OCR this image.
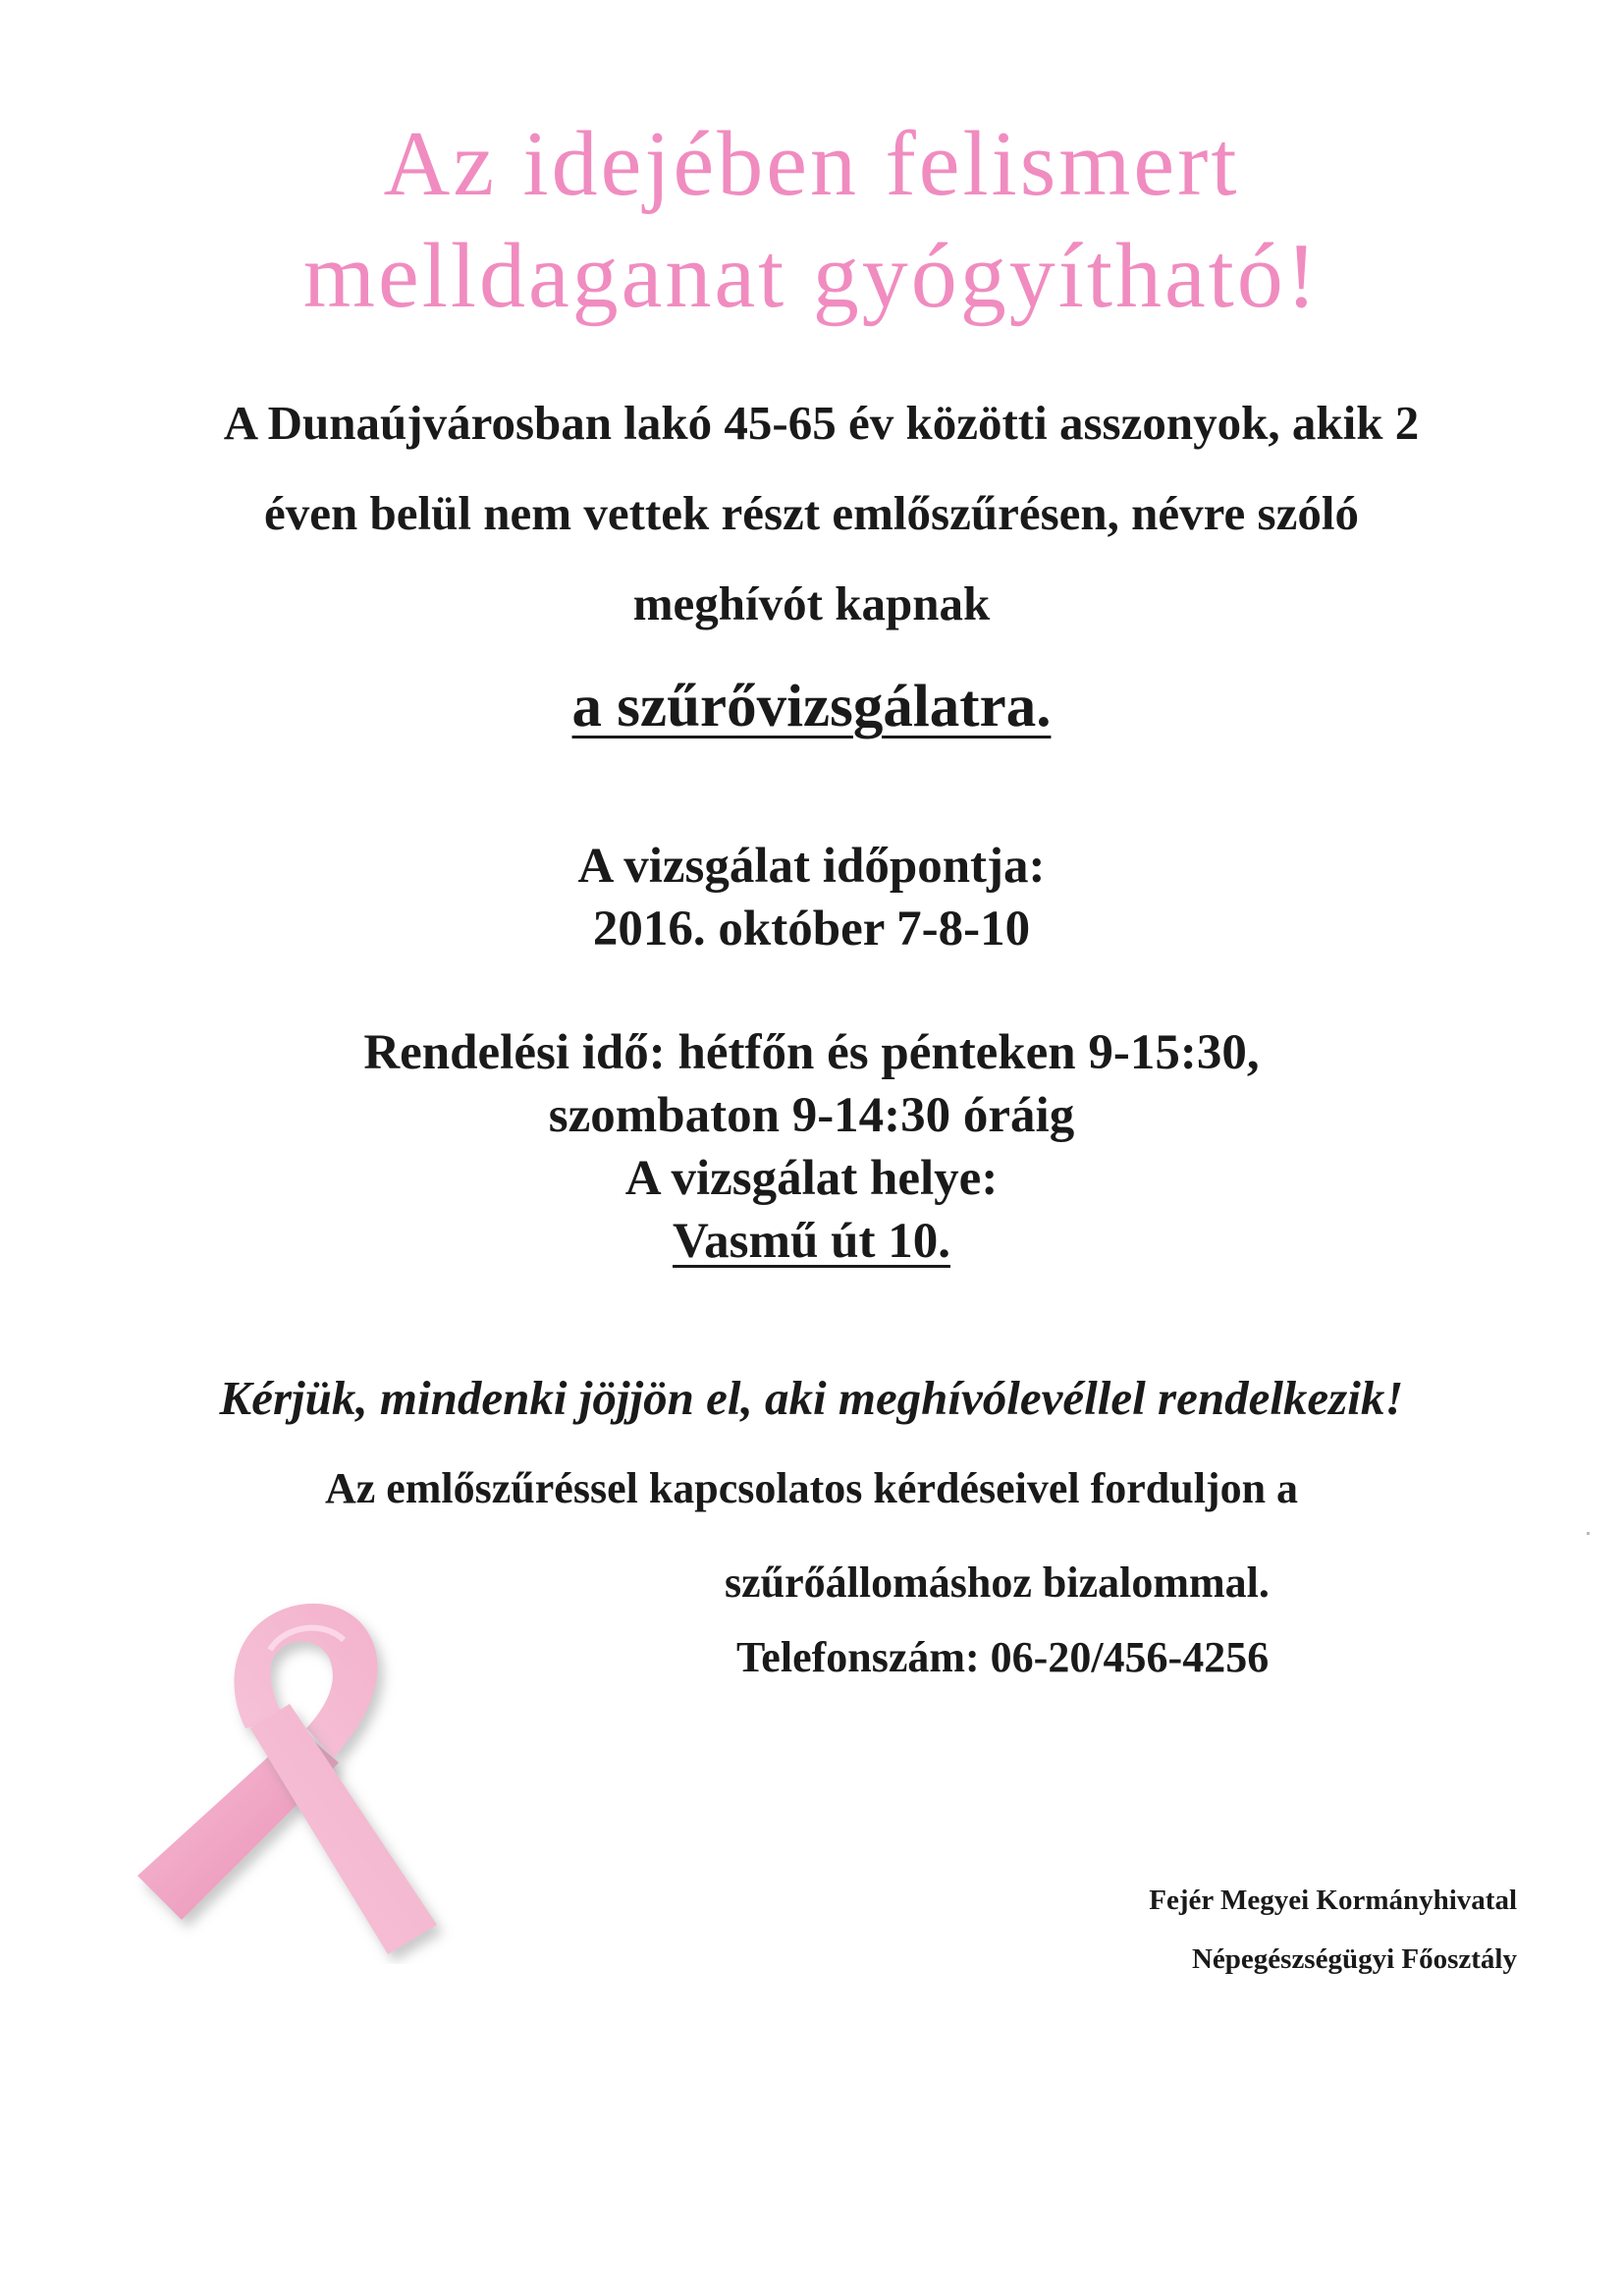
Az idejében felismert
melldaganat gyógyítható!
A Dunaújvárosban lakó 45-65 év közötti asszonyok, akik 2
éven belül nem vettek részt emlőszűrésen, névre szóló
meghívót kapnak
a szűrővizsgálatra.
A vizsgálat időpontja:
2016. október 7-8-10
Rendelési idő: hétfőn és pénteken 9-15:30,
szombaton 9-14:30 óráig
A vizsgálat helye:
Vasmű út 10.
Kérjük, mindenki jöjjön el, aki meghívólevéllel rendelkezik!
Az emlőszűréssel kapcsolatos kérdéseivel forduljon a
szűrőállomáshoz bizalommal.
Telefonszám: 06-20/456-4256
Fejér Megyei Kormányhivatal
Népegészségügyi Főosztály
